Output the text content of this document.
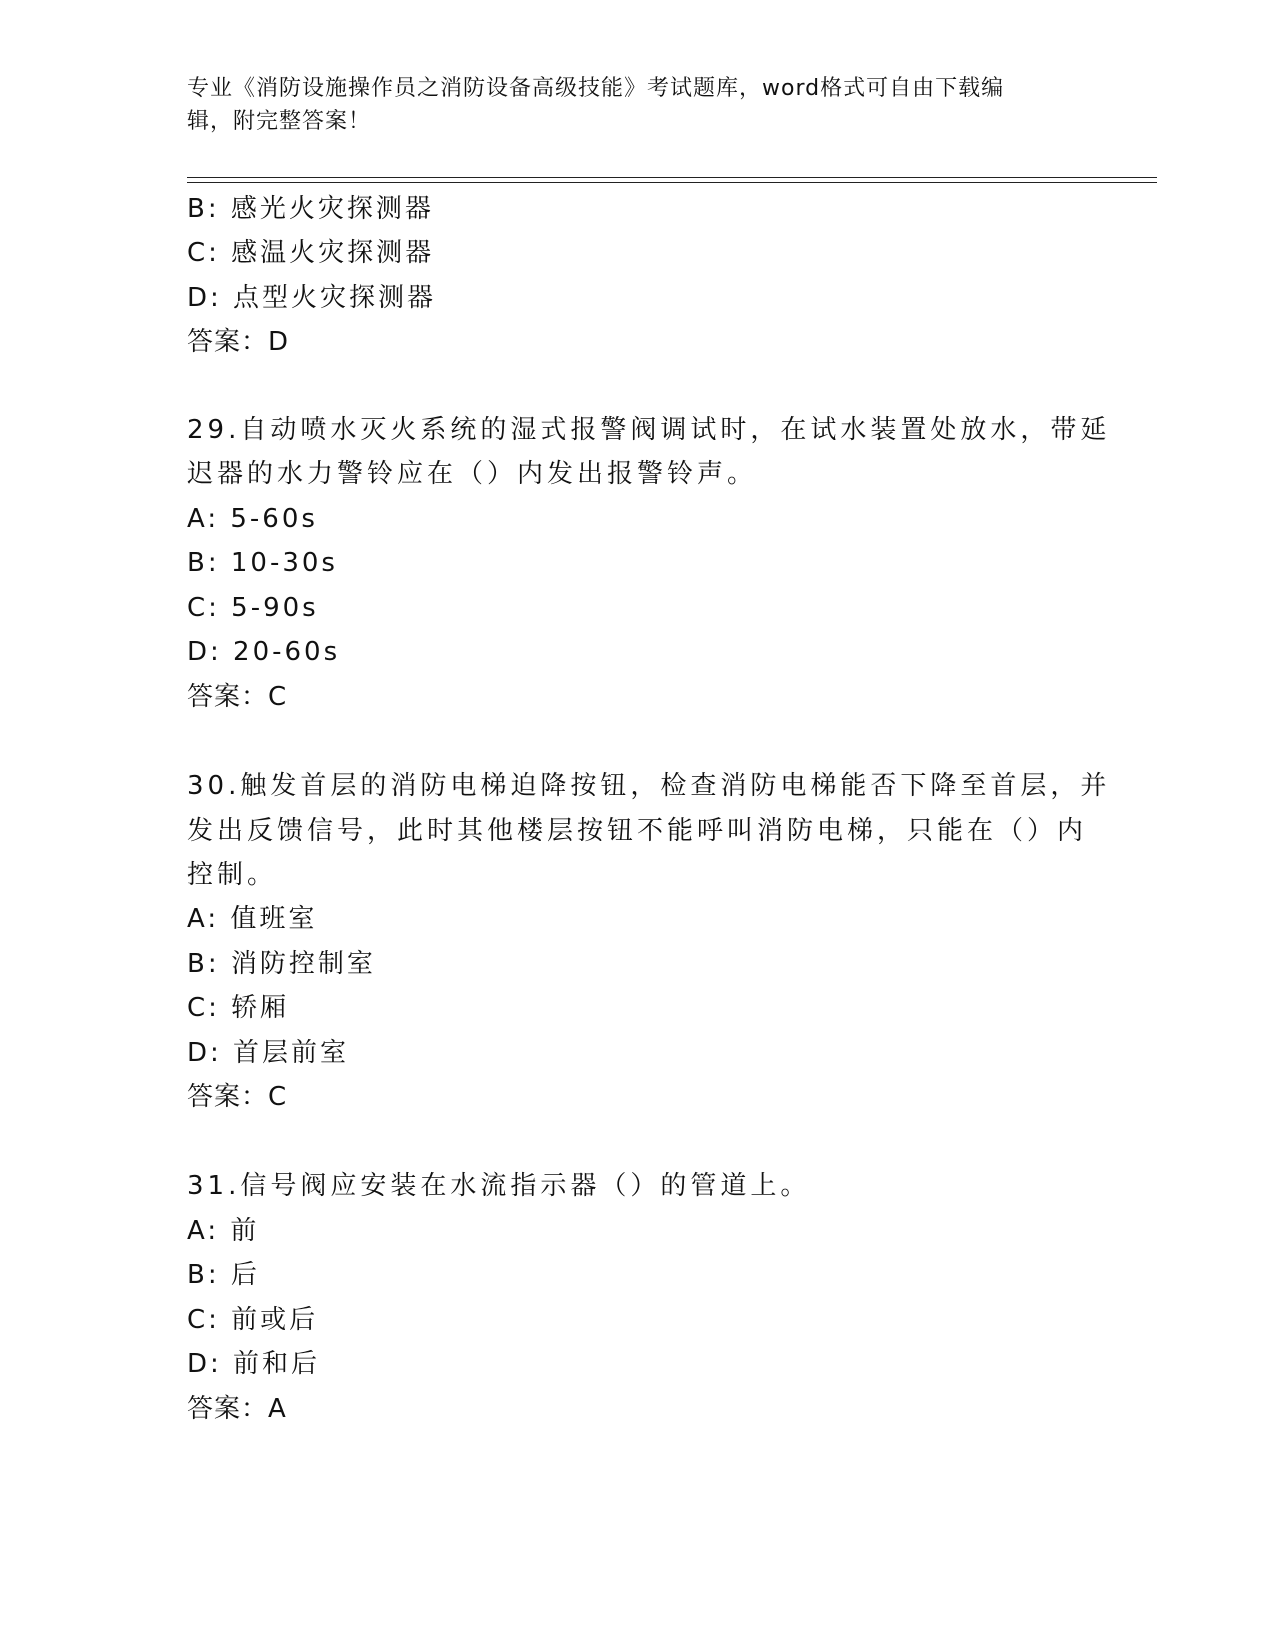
专业《消防设施操作员之消防设备高级技能》考试题库，word格式可自由下载编
辑，附完整答案！
B: 感光火灾探测器
C: 感温火灾探测器
D: 点型火灾探测器
答案：D
29.自动喷水灭火系统的湿式报警阀调试时，在试水装置处放水，带延
迟器的水力警铃应在（）内发出报警铃声。
A: 5-60s
B: 10-30s
C: 5-90s
D: 20-60s
答案：C
30.触发首层的消防电梯迫降按钮，检查消防电梯能否下降至首层，并
发出反馈信号，此时其他楼层按钮不能呼叫消防电梯，只能在（）内
控制。
A: 值班室
B: 消防控制室
C: 轿厢
D: 首层前室
答案：C
31.信号阀应安装在水流指示器（）的管道上。
A: 前
B: 后
C: 前或后
D: 前和后
答案：A
